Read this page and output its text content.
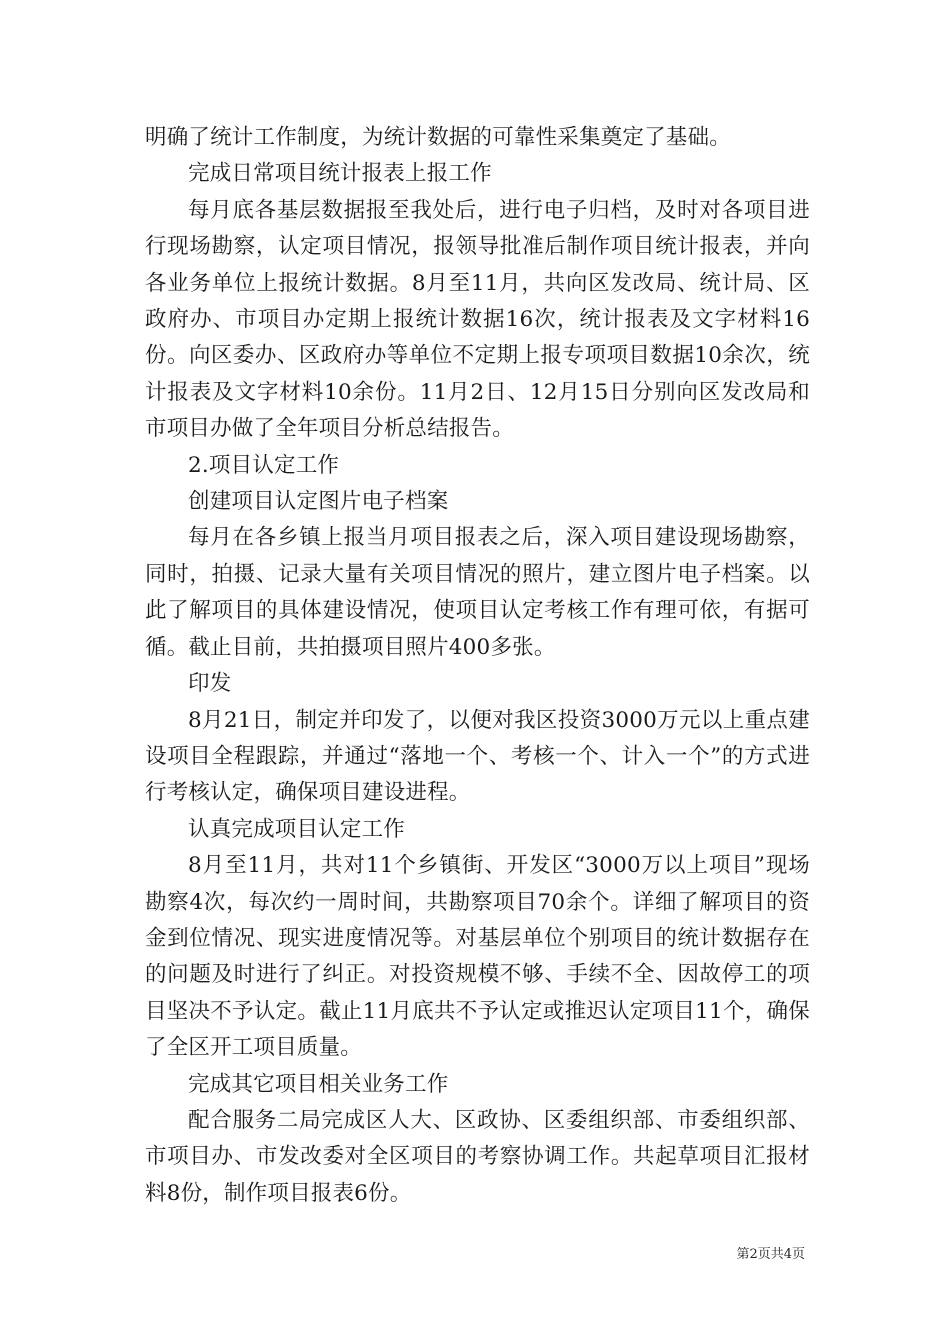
明确了统计工作制度，为统计数据的可靠性采集奠定了基础。

完成日常项目统计报表上报工作

每月底各基层数据报至我处后，进行电子归档，及时对各项目进行现场勘察，认定项目情况，报领导批准后制作项目统计报表，并向各业务单位上报统计数据。8月至11月，共向区发改局、统计局、区政府办、市项目办定期上报统计数据16次，统计报表及文字材料16份。向区委办、区政府办等单位不定期上报专项项目数据10余次，统计报表及文字材料10余份。11月2日、12月15日分别向区发改局和市项目办做了全年项目分析总结报告。

2.项目认定工作

创建项目认定图片电子档案

每月在各乡镇上报当月项目报表之后，深入项目建设现场勘察，同时，拍摄、记录大量有关项目情况的照片，建立图片电子档案。以此了解项目的具体建设情况，使项目认定考核工作有理可依，有据可循。截止目前，共拍摄项目照片400多张。

印发

8月21日，制定并印发了，以便对我区投资3000万元以上重点建设项目全程跟踪，并通过“落地一个、考核一个、计入一个”的方式进行考核认定，确保项目建设进程。

认真完成项目认定工作

8月至11月，共对11个乡镇街、开发区“3000万以上项目”现场勘察4次，每次约一周时间，共勘察项目70余个。详细了解项目的资金到位情况、现实进度情况等。对基层单位个别项目的统计数据存在的问题及时进行了纠正。对投资规模不够、手续不全、因故停工的项目坚决不予认定。截止11月底共不予认定或推迟认定项目11个，确保了全区开工项目质量。

完成其它项目相关业务工作

配合服务二局完成区人大、区政协、区委组织部、市委组织部、市项目办、市发改委对全区项目的考察协调工作。共起草项目汇报材料8份，制作项目报表6份。

第2页共4页
